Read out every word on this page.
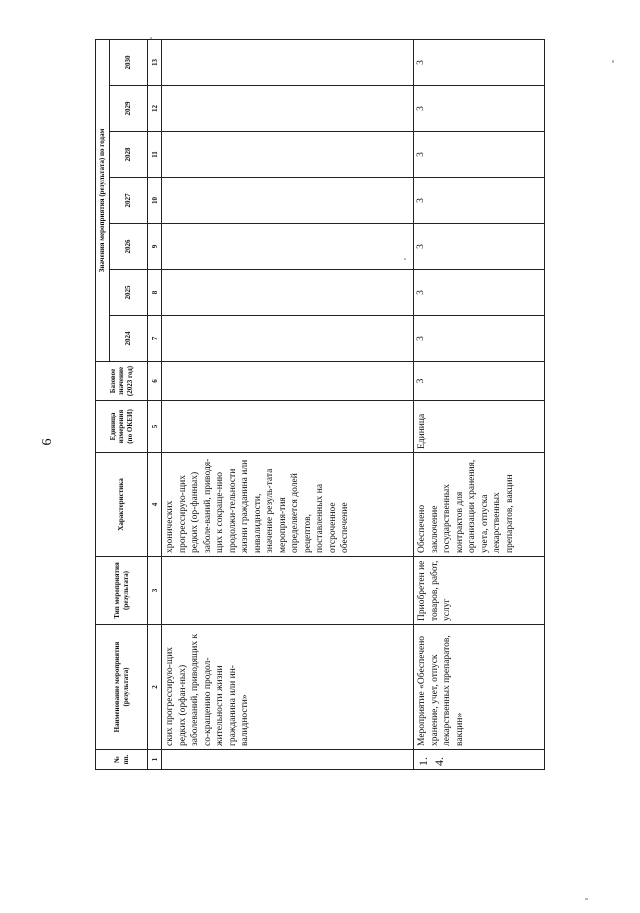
6
№ пп.	Наименование мероприятия (результата)	Тип мероприятия (результата)	Характеристика	Единица измерения (по ОКЕИ)	Базовое значение (2023 год)	Значения мероприятия (результата) по годам						
						2024	2025	2026	2027	2028	2029	2030
1	2	3	4	5	6	7	8	9	10	11	12	13
	ских прогрессирую-щих редких (орфан-ных) заболеваний, приводящих к со-кращению продол-жительности жизни гражданина или ин-валидности»		хронических прогрессирую-щих редких (ор-фанных) заболе-ваний, приводя-щих к сокраще-нию продолжи-тельности жизни гражданина или инвалидности, значение резуль-тата мероприя-тия определяется долей рецептов, поставленных на отсроченное обеспечение									
1.4.	Мероприятие «Обеспечено хранение, учет, отпуск лекарственных препаратов, вакцин»	Приобретен ие товаров, работ, услуг	Обеспечено заключение государственных контрактов для организации хранения, учета, отпуска лекарственных препаратов, вакцин	Единица	3	3	3	3	3	3	3	3
